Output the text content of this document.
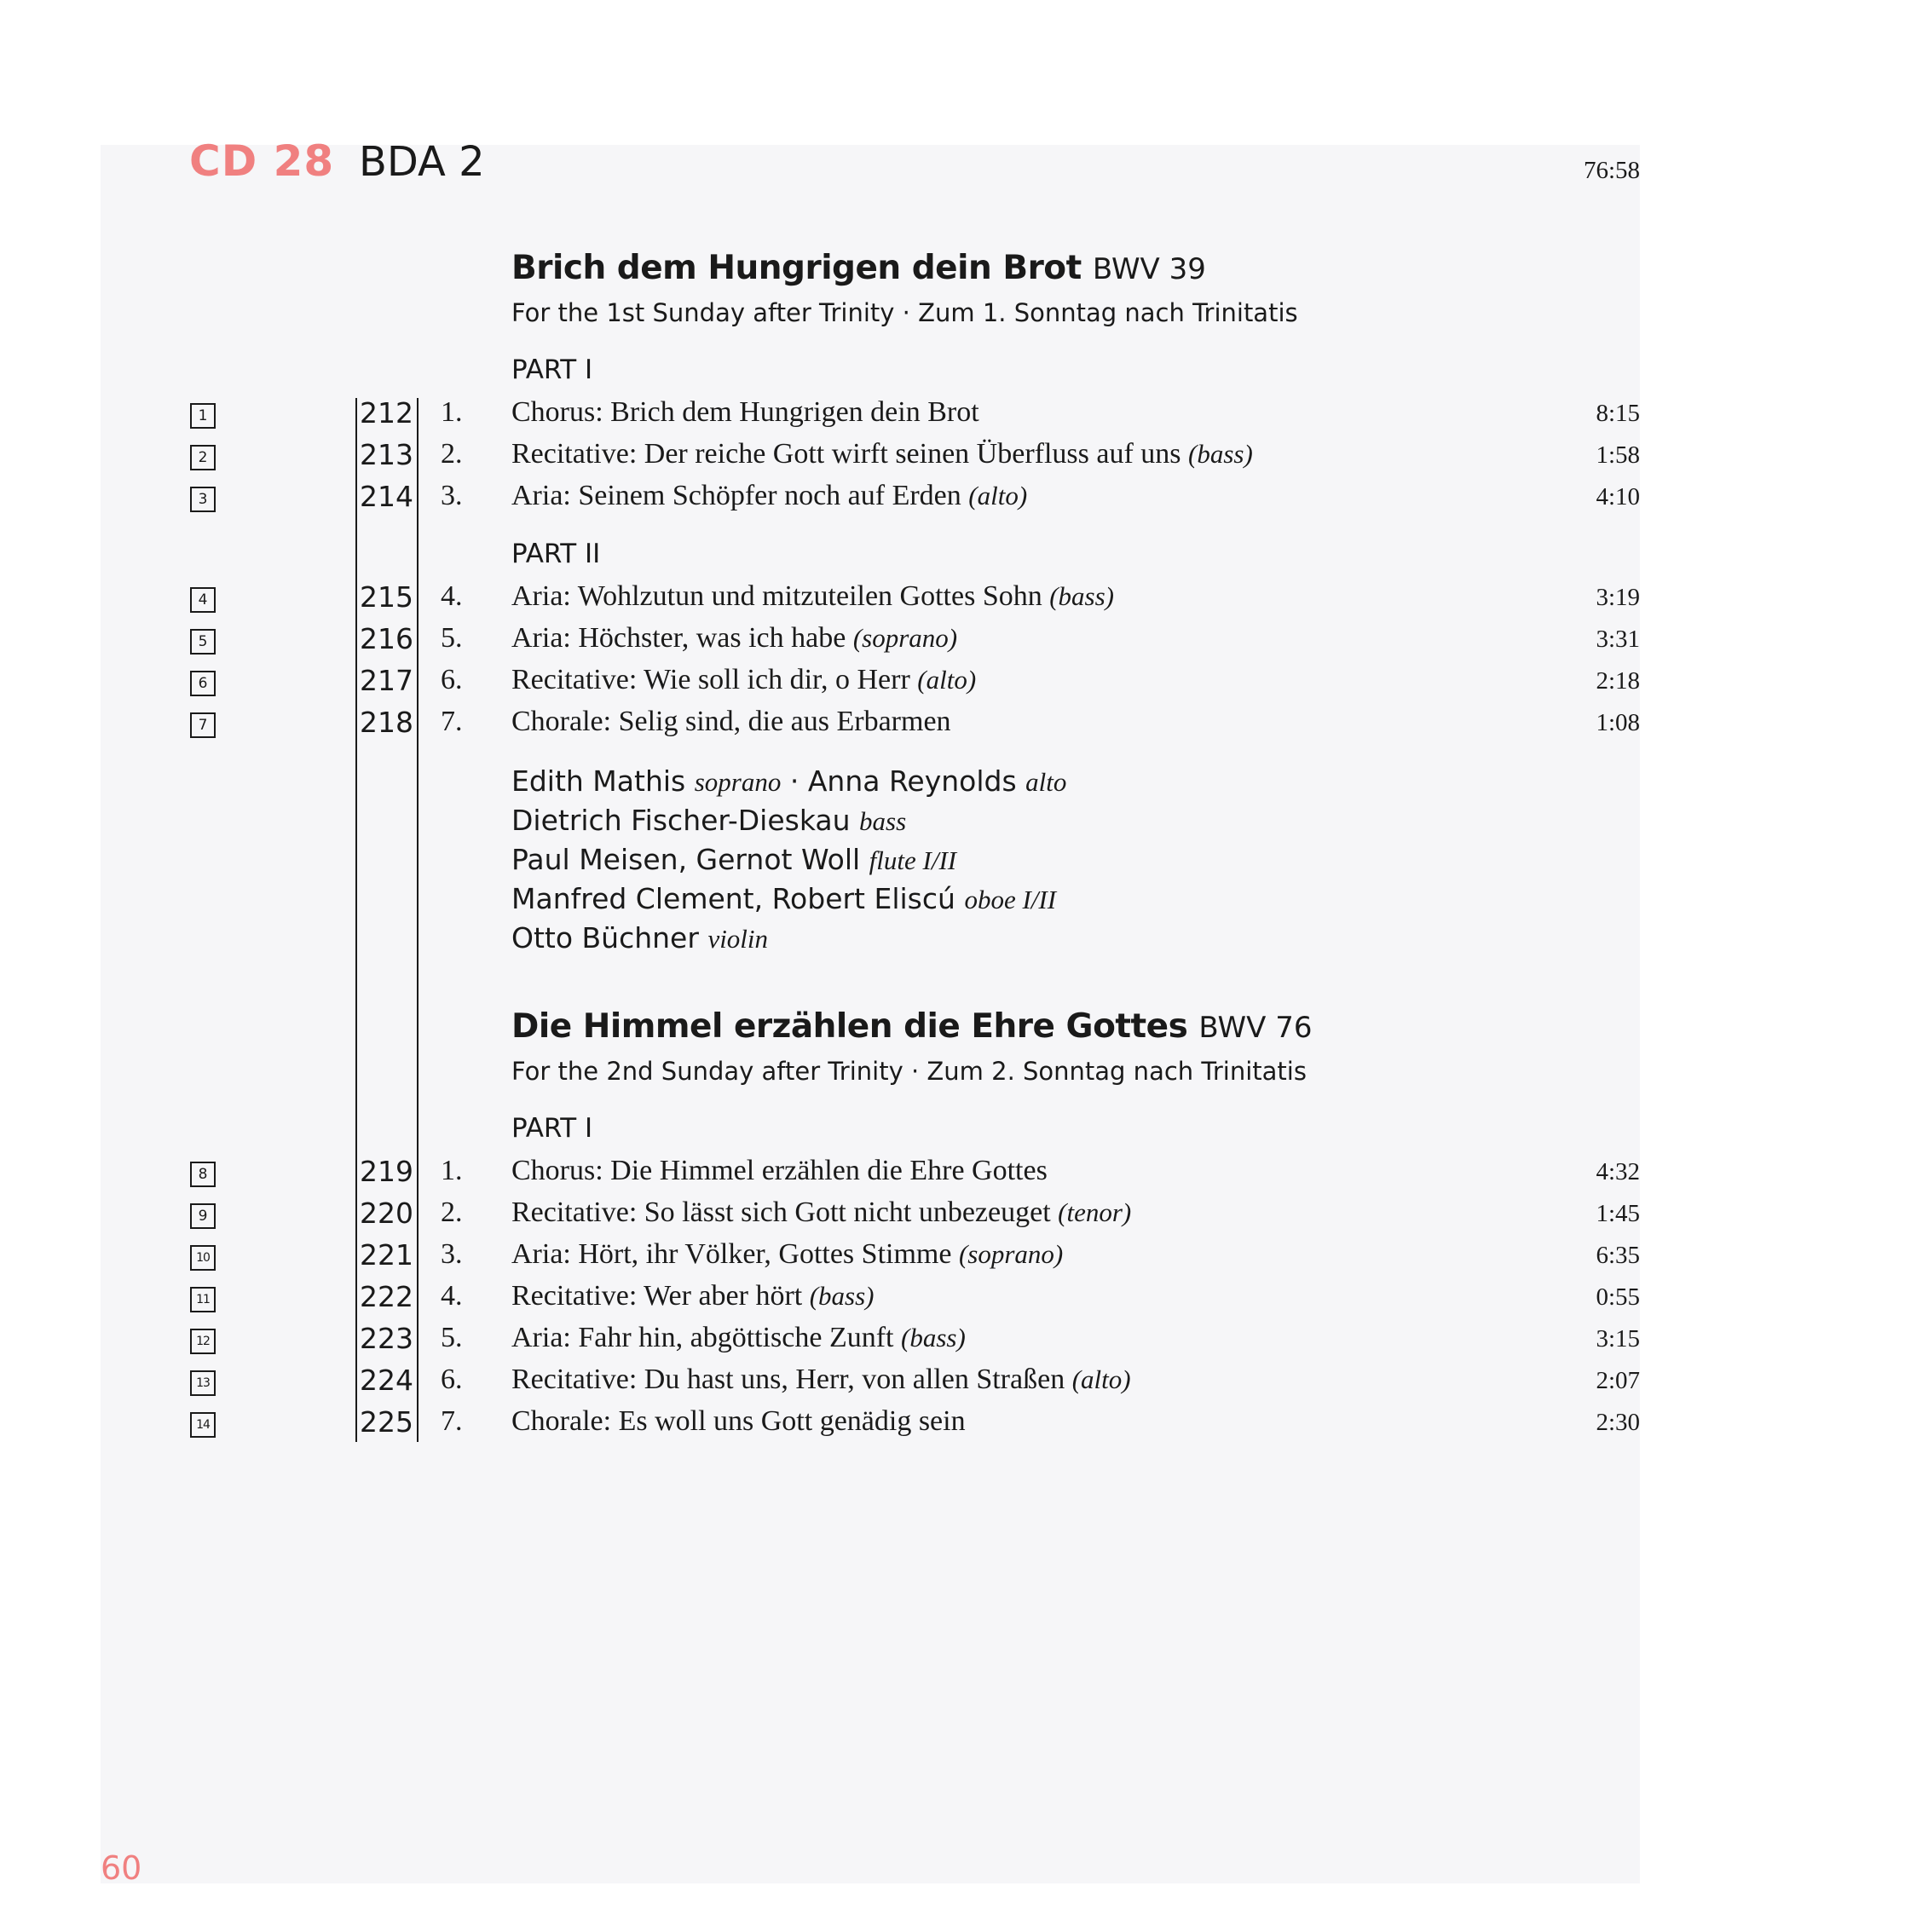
CD 28 BDA 2	76:58
Brich dem Hungrigen dein Brot BWV 39
For the 1st Sunday after Trinity · Zum 1. Sonntag nach Trinitatis
PART I
1	212 1. Chorus: Brich dem Hungrigen dein Brot	8:15
2	213 2. Recitative: Der reiche Gott wirft seinen Überfluss auf uns (bass)	1:58
3	214 3. Aria: Seinem Schöpfer noch auf Erden (alto)	4:10
PART II
4	215 4. Aria: Wohlzutun und mitzuteilen Gottes Sohn (bass)	3:19
5	216 5. Aria: Höchster, was ich habe (soprano)	3:31
6	217 6. Recitative: Wie soll ich dir, o Herr (alto)	2:18
7	218 7. Chorale: Selig sind, die aus Erbarmen	1:08
Edith Mathis soprano · Anna Reynolds alto
Dietrich Fischer-Dieskau bass
Paul Meisen, Gernot Woll flute I/II
Manfred Clement, Robert Eliscú oboe I/II
Otto Büchner violin
Die Himmel erzählen die Ehre Gottes BWV 76
For the 2nd Sunday after Trinity · Zum 2. Sonntag nach Trinitatis
PART I
8	219 1. Chorus: Die Himmel erzählen die Ehre Gottes	4:32
9	220 2. Recitative: So lässt sich Gott nicht unbezeuget (tenor)	1:45
10	221 3. Aria: Hört, ihr Völker, Gottes Stimme (soprano)	6:35
11	222 4. Recitative: Wer aber hört (bass)	0:55
12	223 5. Aria: Fahr hin, abgöttische Zunft (bass)	3:15
13	224 6. Recitative: Du hast uns, Herr, von allen Straßen (alto)	2:07
14	225 7. Chorale: Es woll uns Gott genädig sein	2:30
60
